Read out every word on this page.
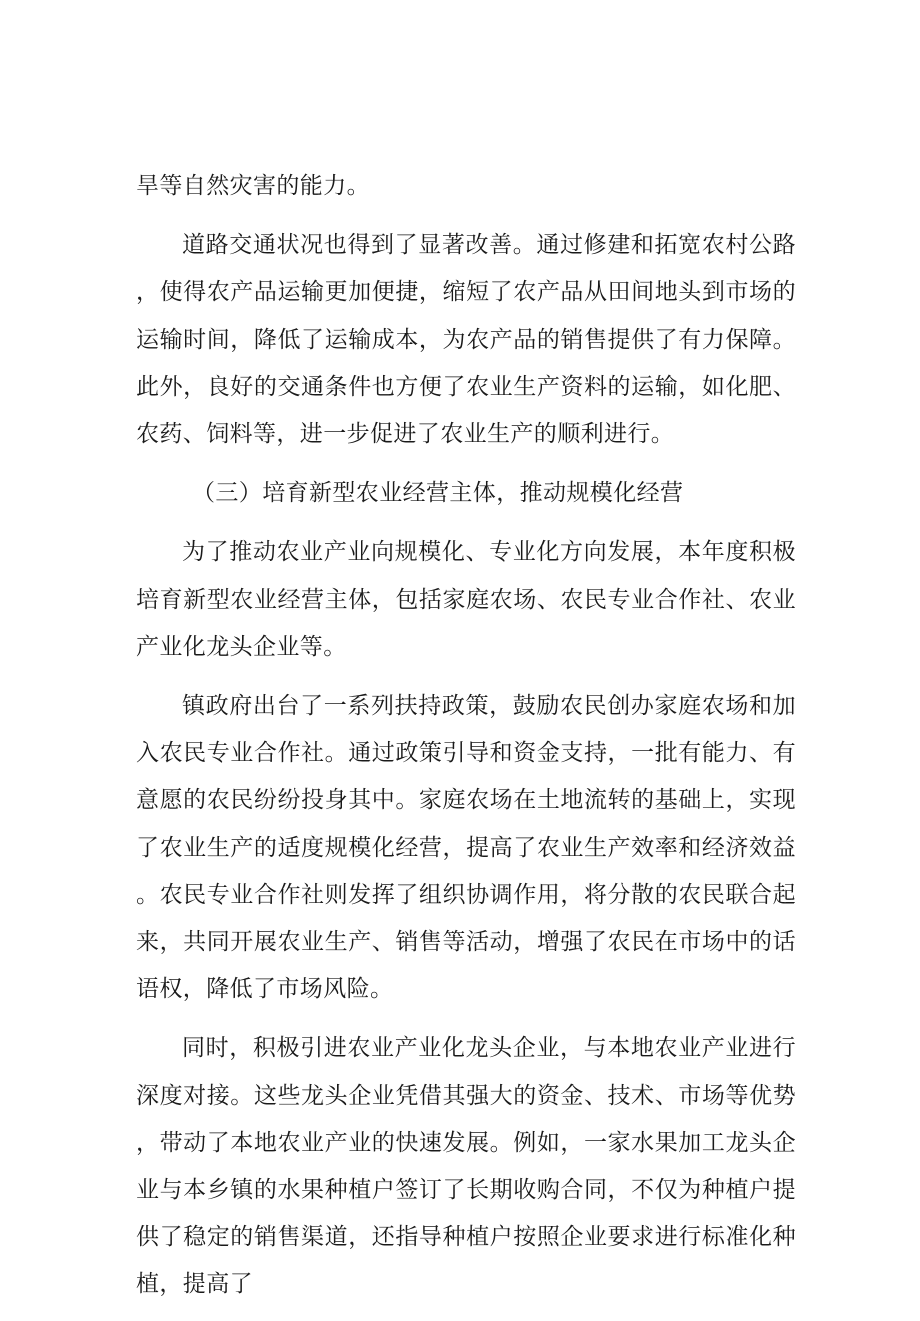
旱等自然灾害的能力。

道路交通状况也得到了显著改善。通过修建和拓宽农村公路，使得农产品运输更加便捷，缩短了农产品从田间地头到市场的运输时间，降低了运输成本，为农产品的销售提供了有力保障。此外，良好的交通条件也方便了农业生产资料的运输，如化肥、农药、饲料等，进一步促进了农业生产的顺利进行。

（三）培育新型农业经营主体，推动规模化经营

为了推动农业产业向规模化、专业化方向发展，本年度积极培育新型农业经营主体，包括家庭农场、农民专业合作社、农业产业化龙头企业等。

镇政府出台了一系列扶持政策，鼓励农民创办家庭农场和加入农民专业合作社。通过政策引导和资金支持，一批有能力、有意愿的农民纷纷投身其中。家庭农场在土地流转的基础上，实现了农业生产的适度规模化经营，提高了农业生产效率和经济效益。农民专业合作社则发挥了组织协调作用，将分散的农民联合起来，共同开展农业生产、销售等活动，增强了农民在市场中的话语权，降低了市场风险。

同时，积极引进农业产业化龙头企业，与本地农业产业进行深度对接。这些龙头企业凭借其强大的资金、技术、市场等优势，带动了本地农业产业的快速发展。例如，一家水果加工龙头企业与本乡镇的水果种植户签订了长期收购合同，不仅为种植户提供了稳定的销售渠道，还指导种植户按照企业要求进行标准化种植，提高了
